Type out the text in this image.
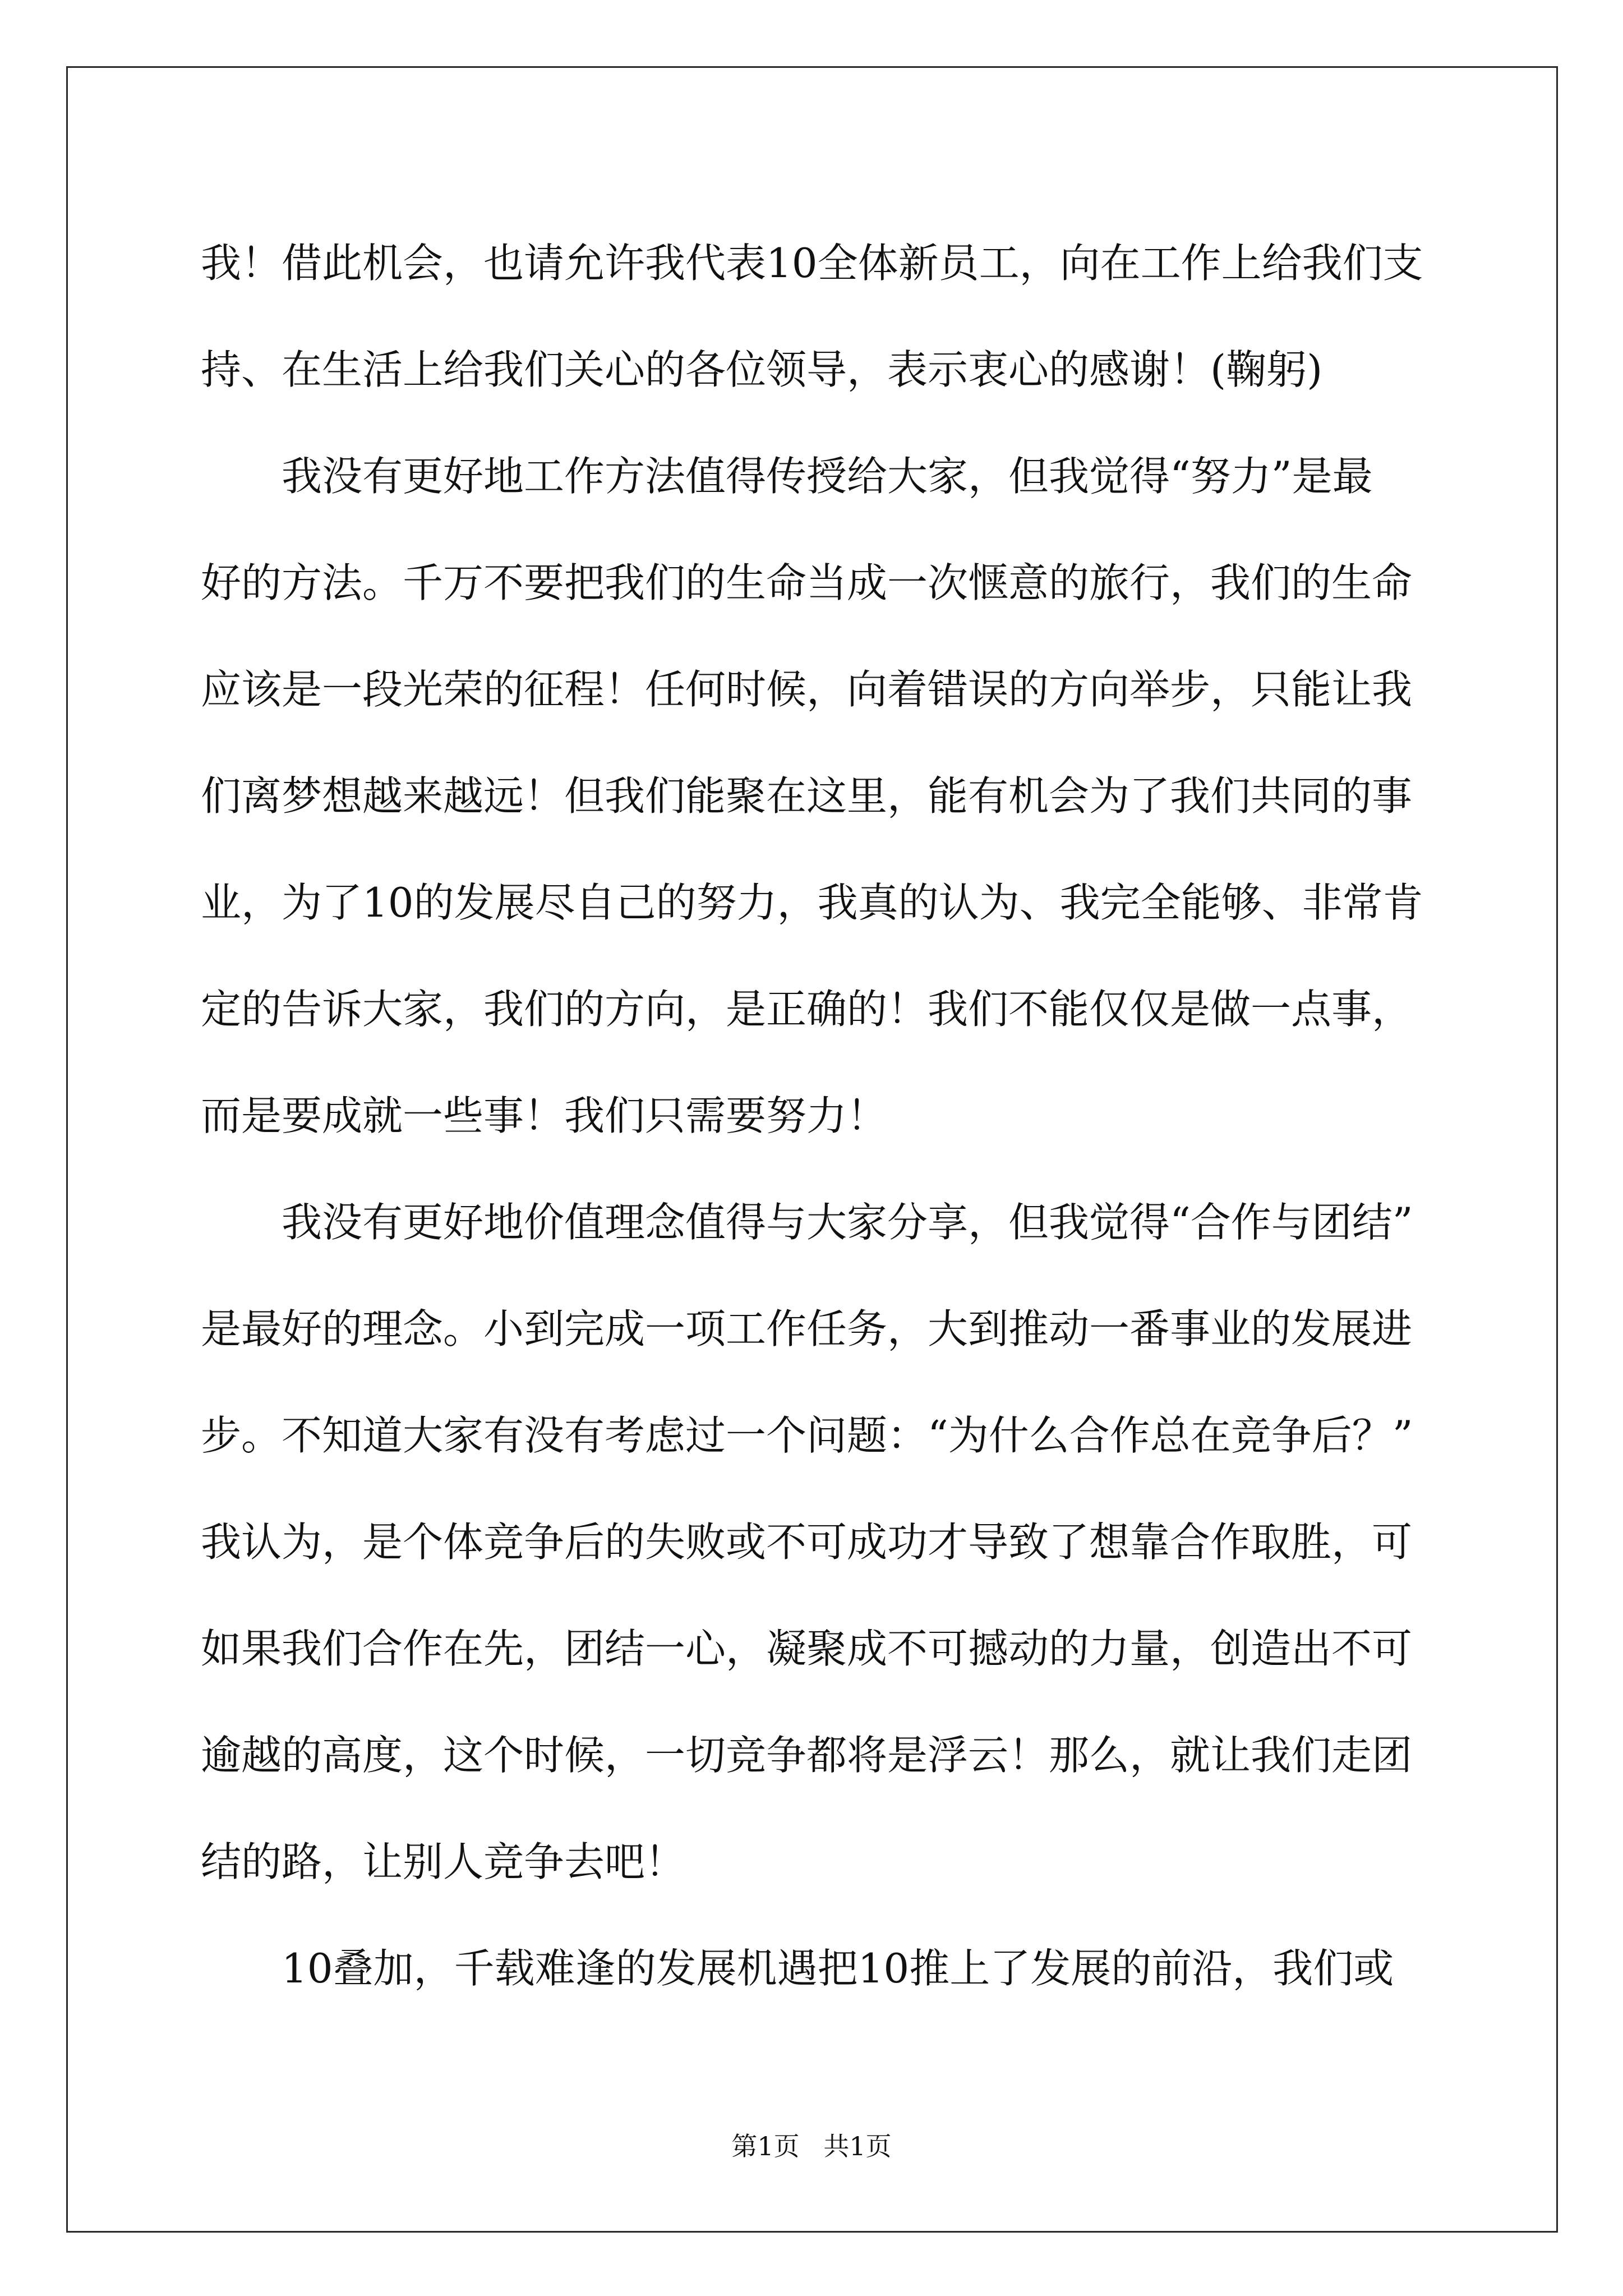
我！借此机会，也请允许我代表10全体新员工，向在工作上给我们支
持、在生活上给我们关心的各位领导，表示衷心的感谢！(鞠躬)
　　我没有更好地工作方法值得传授给大家，但我觉得“努力”是最
好的方法。千万不要把我们的生命当成一次惬意的旅行，我们的生命
应该是一段光荣的征程！任何时候，向着错误的方向举步，只能让我
们离梦想越来越远！但我们能聚在这里，能有机会为了我们共同的事
业，为了10的发展尽自己的努力，我真的认为、我完全能够、非常肯
定的告诉大家，我们的方向，是正确的！我们不能仅仅是做一点事，
而是要成就一些事！我们只需要努力！
　　我没有更好地价值理念值得与大家分享，但我觉得“合作与团结”
是最好的理念。小到完成一项工作任务，大到推动一番事业的发展进
步。不知道大家有没有考虑过一个问题：“为什么合作总在竞争后？”
我认为，是个体竞争后的失败或不可成功才导致了想靠合作取胜，可
如果我们合作在先，团结一心，凝聚成不可撼动的力量，创造出不可
逾越的高度，这个时候，一切竞争都将是浮云！那么，就让我们走团
结的路，让别人竞争去吧！
　　10叠加，千载难逢的发展机遇把10推上了发展的前沿，我们或
第1页 共1页
